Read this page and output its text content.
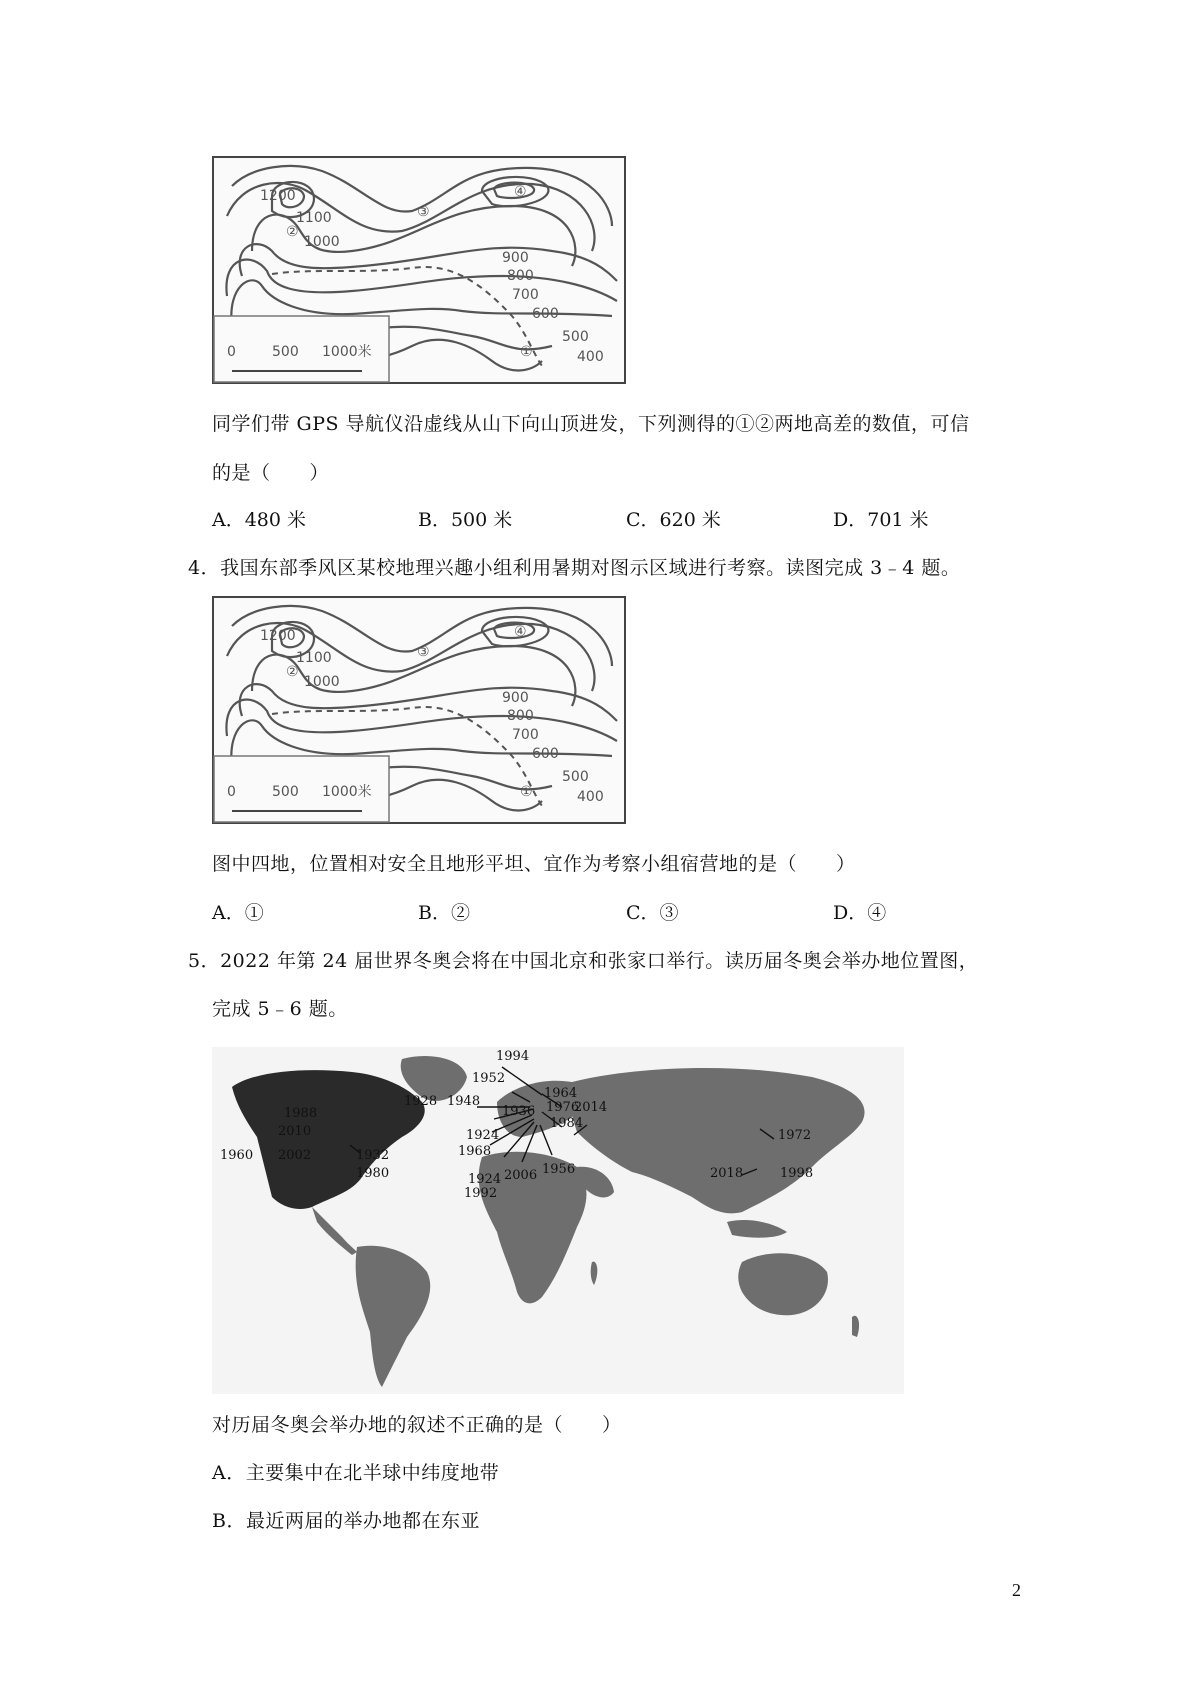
1200
1100
1000
900
800
700
600
500
400
①
②
③
④
0	500 1000米
同学们带 GPS 导航仪沿虚线从山下向山顶进发，下列测得的①②两地高差的数值，可信
的是（　　）
A．480 米	B．500 米	C．620 米	D．701 米
4．我国东部季风区某校地理兴趣小组利用暑期对图示区域进行考察。读图完成 3﹣4 题。
1200
1100
1000
900
800
700
600
500
400
①
②
③
④
0	500 1000米
图中四地，位置相对安全且地形平坦、宜作为考察小组宿营地的是（　　）
A．①	B．②	C．③	D．④
5．2022 年第 24 届世界冬奥会将在中国北京和张家口举行。读历届冬奥会举办地位置图，
完成 5﹣6 题。
1994
1952
1928 1948
1964
1936 1976
2014
1988
2010	1924
1968
1984
2002
1960	1932
1980	1924 2006 1956
1992
1972
2018	1998
对历届冬奥会举办地的叙述不正确的是（　　）
A．主要集中在北半球中纬度地带
B．最近两届的举办地都在东亚
2
